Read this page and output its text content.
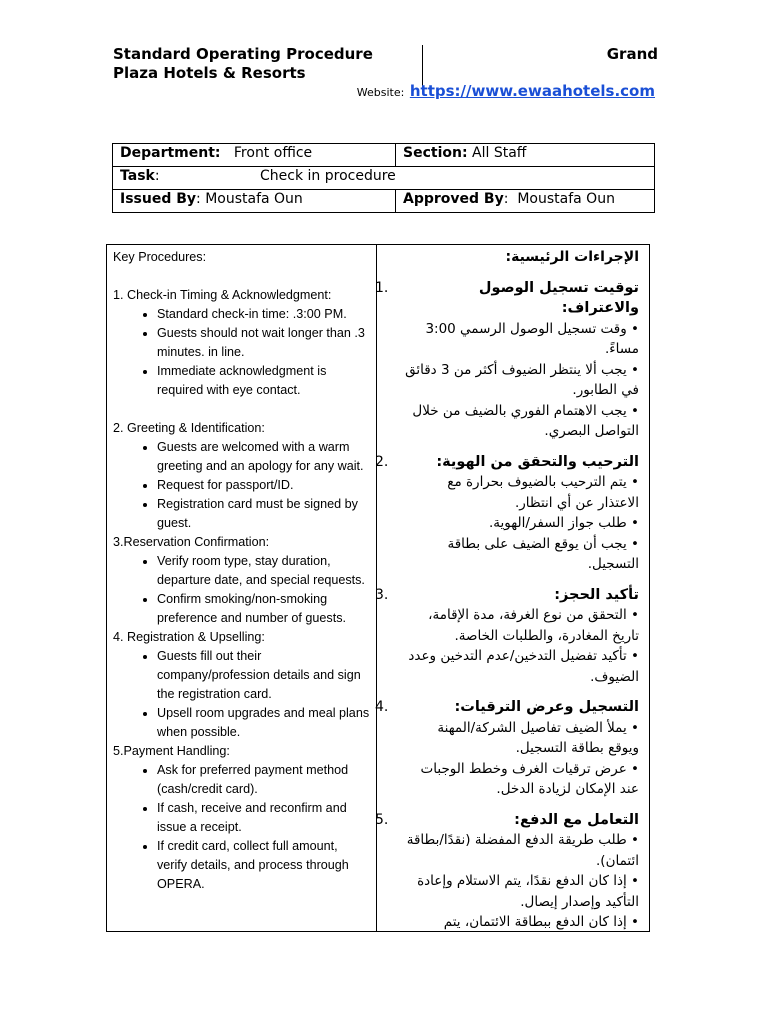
Standard Operating Procedure	Grand
Plaza Hotels & Resorts
Website: https://www.ewaahotels.com
Department: Front office	Section: All Staff
Task: Check in procedure	
Issued By: Moustafa Oun	Approved By:  Moustafa Oun

Key Procedures:

1. Check-in Timing & Acknowledgment:

• Standard check-in time: .3:00 PM.
• Guests should not wait longer than .3 minutes. in line.
• Immediate acknowledgment is required with eye contact.

2. Greeting & Identification:

• Guests are welcomed with a warm greeting and an apology for any wait.
• Request for passport/ID.
• Registration card must be signed by guest.

3.Reservation Confirmation:

• Verify room type, stay duration, departure date, and special requests.
• Confirm smoking/non-smoking preference and number of guests.

4. Registration & Upselling:

• Guests fill out their company/profession details and sign the registration card.
• Upsell room upgrades and meal plans when possible.

5.Payment Handling:

• Ask for preferred payment method (cash/credit card).
• If cash, receive and reconfirm and issue a receipt.
• If credit card, collect full amount, verify details, and process through OPERA.
الإجراءات الرئيسية:
1.	توقيت تسجيل الوصول والاعتراف:

• وقت تسجيل الوصول الرسمي 3:00 مساءً.

• يجب ألا ينتظر الضيوف أكثر من 3 دقائق في الطابور.

• يجب الاهتمام الفوري بالضيف من خلال التواصل البصري.

2.	الترحيب والتحقق من الهوية:

• يتم الترحيب بالضيوف بحرارة مع الاعتذار عن أي انتظار.

• طلب جواز السفر/الهوية.

• يجب أن يوقع الضيف على بطاقة التسجيل.

3.	تأكيد الحجز:

• التحقق من نوع الغرفة، مدة الإقامة، تاريخ المغادرة، والطلبات الخاصة.

• تأكيد تفضيل التدخين/عدم التدخين وعدد الضيوف.

4.	التسجيل وعرض الترقيات:

• يملأ الضيف تفاصيل الشركة/المهنة ويوقع بطاقة التسجيل.

• عرض ترقيات الغرف وخطط الوجبات عند الإمكان لزيادة الدخل.

5.	التعامل مع الدفع:

• طلب طريقة الدفع المفضلة (نقدًا/بطاقة ائتمان).

• إذا كان الدفع نقدًا، يتم الاستلام وإعادة التأكيد وإصدار إيصال.

• إذا كان الدفع ببطاقة الائتمان، يتم
